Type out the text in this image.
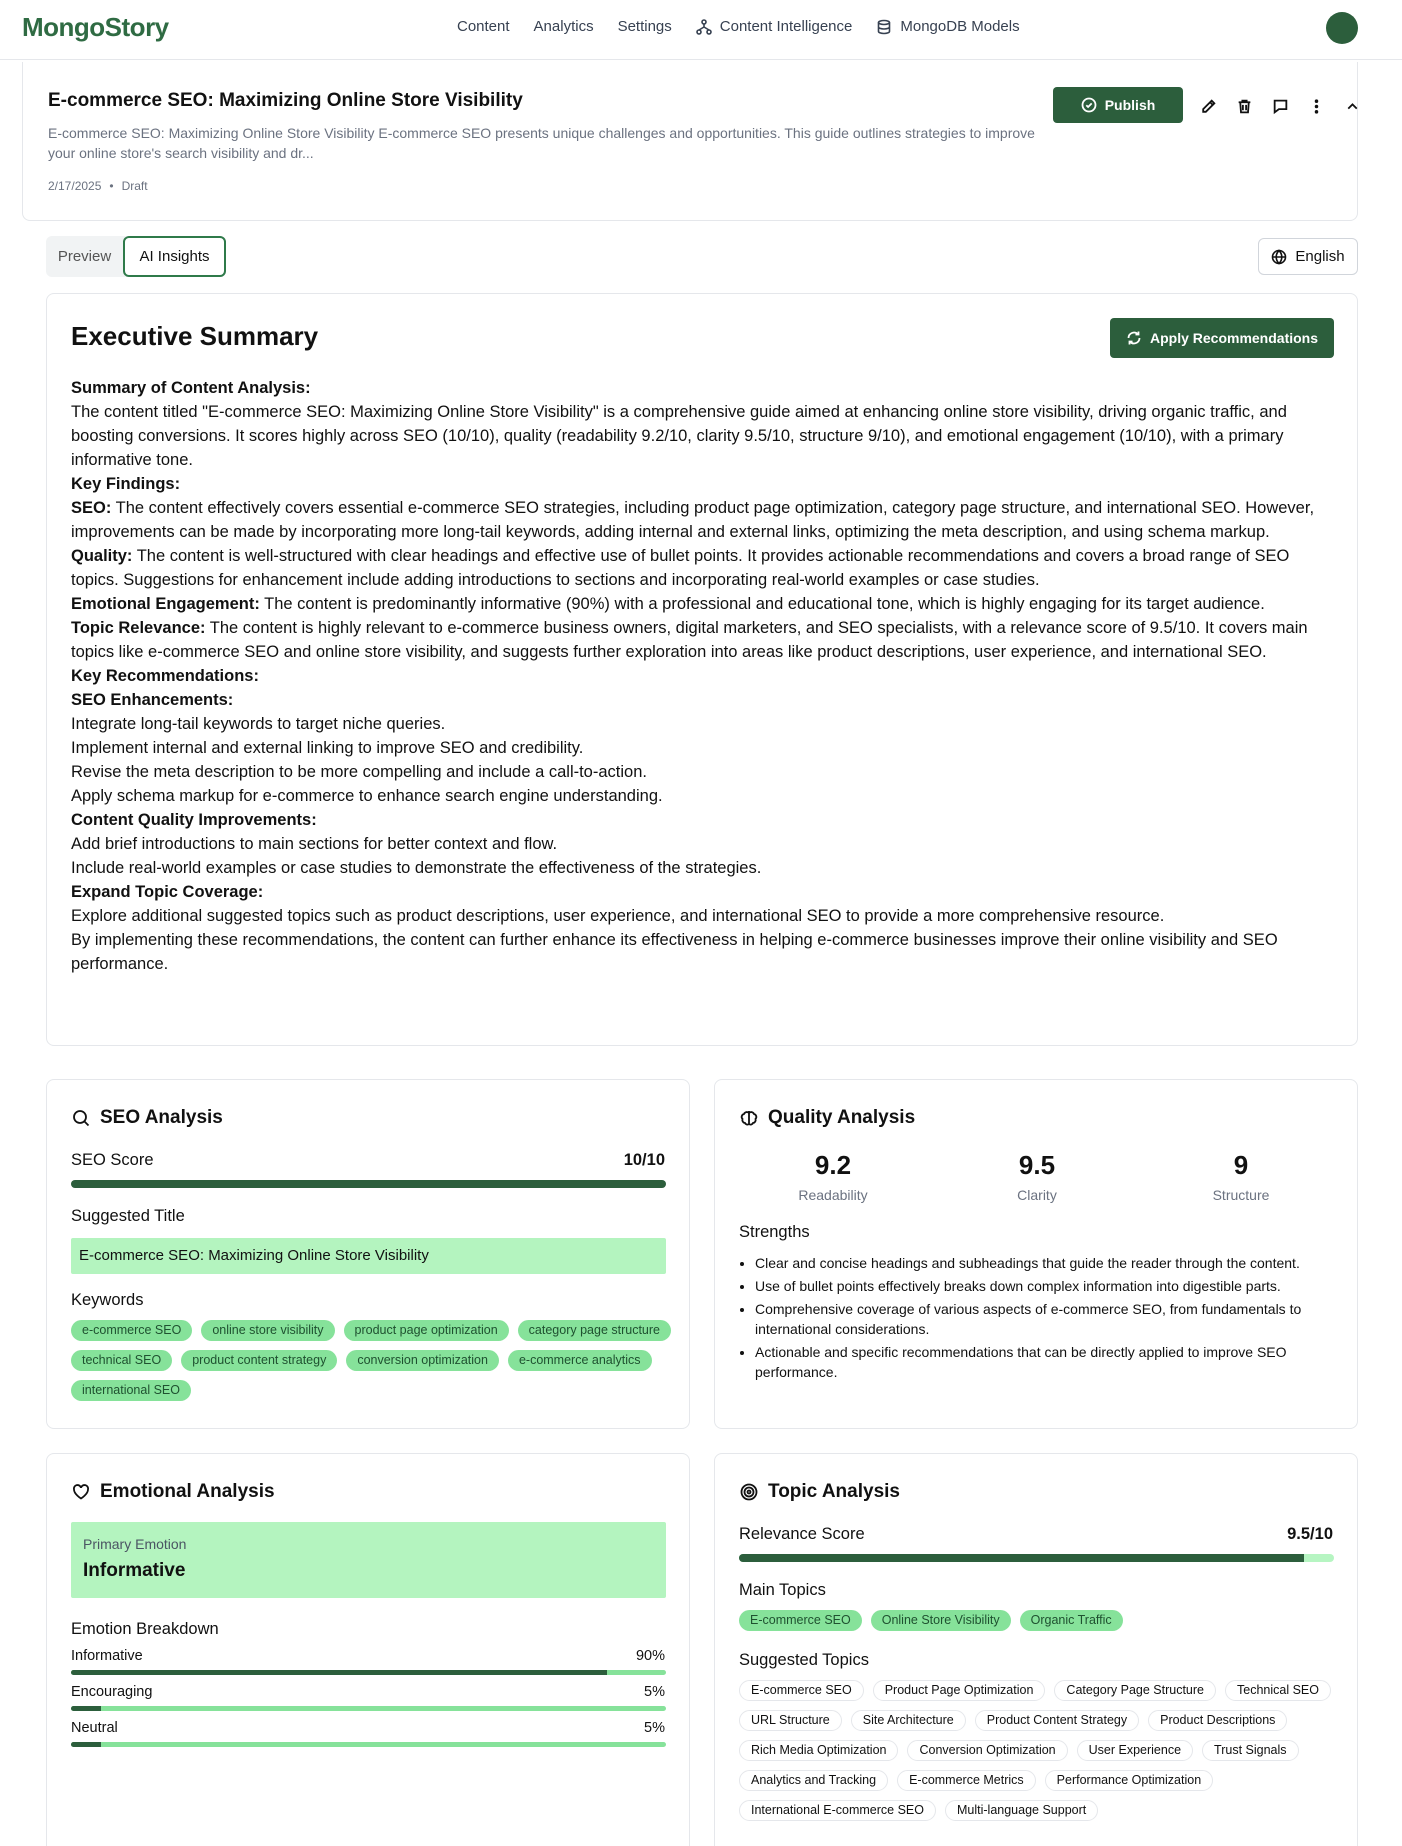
MongoStory	Content Analytics Settings	Content Intelligence	MongoDB Models
E-commerce SEO: Maximizing Online Store Visibility
E-commerce SEO: Maximizing Online Store Visibility E-commerce SEO presents unique challenges and opportunities. This guide outlines strategies to improve your online store's search visibility and dr...
2/17/2025 • Draft
Publish
Preview	AI Insights	English
Executive Summary	Apply Recommendations
Summary of Content Analysis:
The content titled "E-commerce SEO: Maximizing Online Store Visibility" is a comprehensive guide aimed at enhancing online store visibility, driving organic traffic, and boosting conversions. It scores highly across SEO (10/10), quality (readability 9.2/10, clarity 9.5/10, structure 9/10), and emotional engagement (10/10), with a primary informative tone.
Key Findings:
SEO: The content effectively covers essential e-commerce SEO strategies, including product page optimization, category page structure, and international SEO. However, improvements can be made by incorporating more long-tail keywords, adding internal and external links, optimizing the meta description, and using schema markup.
Quality: The content is well-structured with clear headings and effective use of bullet points. It provides actionable recommendations and covers a broad range of SEO topics. Suggestions for enhancement include adding introductions to sections and incorporating real-world examples or case studies.
Emotional Engagement: The content is predominantly informative (90%) with a professional and educational tone, which is highly engaging for its target audience.
Topic Relevance: The content is highly relevant to e-commerce business owners, digital marketers, and SEO specialists, with a relevance score of 9.5/10. It covers main topics like e-commerce SEO and online store visibility, and suggests further exploration into areas like product descriptions, user experience, and international SEO.
Key Recommendations:
SEO Enhancements:
Integrate long-tail keywords to target niche queries.
Implement internal and external linking to improve SEO and credibility.
Revise the meta description to be more compelling and include a call-to-action.
Apply schema markup for e-commerce to enhance search engine understanding.
Content Quality Improvements:
Add brief introductions to main sections for better context and flow.
Include real-world examples or case studies to demonstrate the effectiveness of the strategies.
Expand Topic Coverage:
Explore additional suggested topics such as product descriptions, user experience, and international SEO to provide a more comprehensive resource.
By implementing these recommendations, the content can further enhance its effectiveness in helping e-commerce businesses improve their online visibility and SEO performance.
SEO Analysis
SEO Score	10/10
Suggested Title
E-commerce SEO: Maximizing Online Store Visibility
Keywords
e-commerce SEO	online store visibility	product page optimization	category page structure
technical SEO	product content strategy	conversion optimization	e-commerce analytics
international SEO
Quality Analysis
9.2
Readability
9.5
Clarity
9
Structure
Strengths
• Clear and concise headings and subheadings that guide the reader through the content.
• Use of bullet points effectively breaks down complex information into digestible parts.
• Comprehensive coverage of various aspects of e-commerce SEO, from fundamentals to international considerations.
• Actionable and specific recommendations that can be directly applied to improve SEO performance.
Emotional Analysis
Primary Emotion
Informative
Emotion Breakdown
Informative	90%
Encouraging	5%
Neutral	5%
Topic Analysis
Relevance Score	9.5/10
Main Topics
E-commerce SEO	Online Store Visibility	Organic Traffic
Suggested Topics
E-commerce SEO	Product Page Optimization	Category Page Structure	Technical SEO
URL Structure	Site Architecture	Product Content Strategy	Product Descriptions
Rich Media Optimization	Conversion Optimization	User Experience	Trust Signals
Analytics and Tracking	E-commerce Metrics	Performance Optimization
International E-commerce SEO	Multi-language Support
